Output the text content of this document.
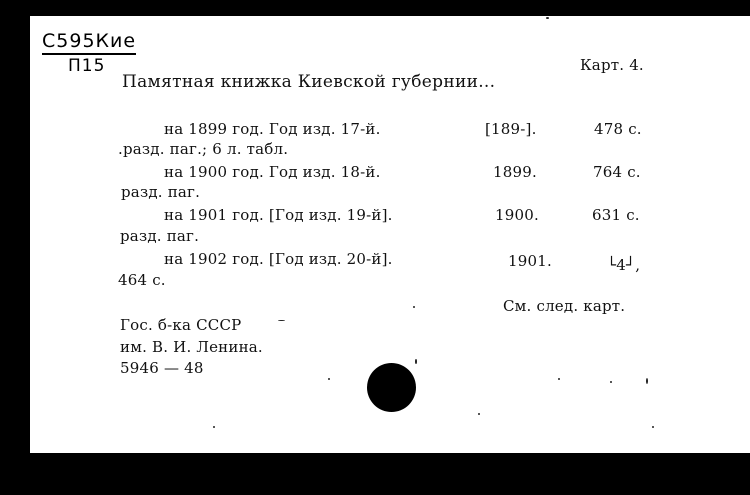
C595Кие
П15	Карт. 4.
Памятная книжка Киевской губернии...
на 1899 год. Год изд. 17-й.	[189-].	478 с.
.разд. паг.; 6 л. табл.
на 1900 год. Год изд. 18-й.	1899.	764 с.
разд. паг.
на 1901 год. [Год изд. 19-й].	1900.	631 с.
разд. паг.
на 1902 год. [Год изд. 20-й].	1901.	└4┘,
464 с.
См. след. карт.
Гос. б-ка СССР
им. В. И. Ленина.
5946 — 48
